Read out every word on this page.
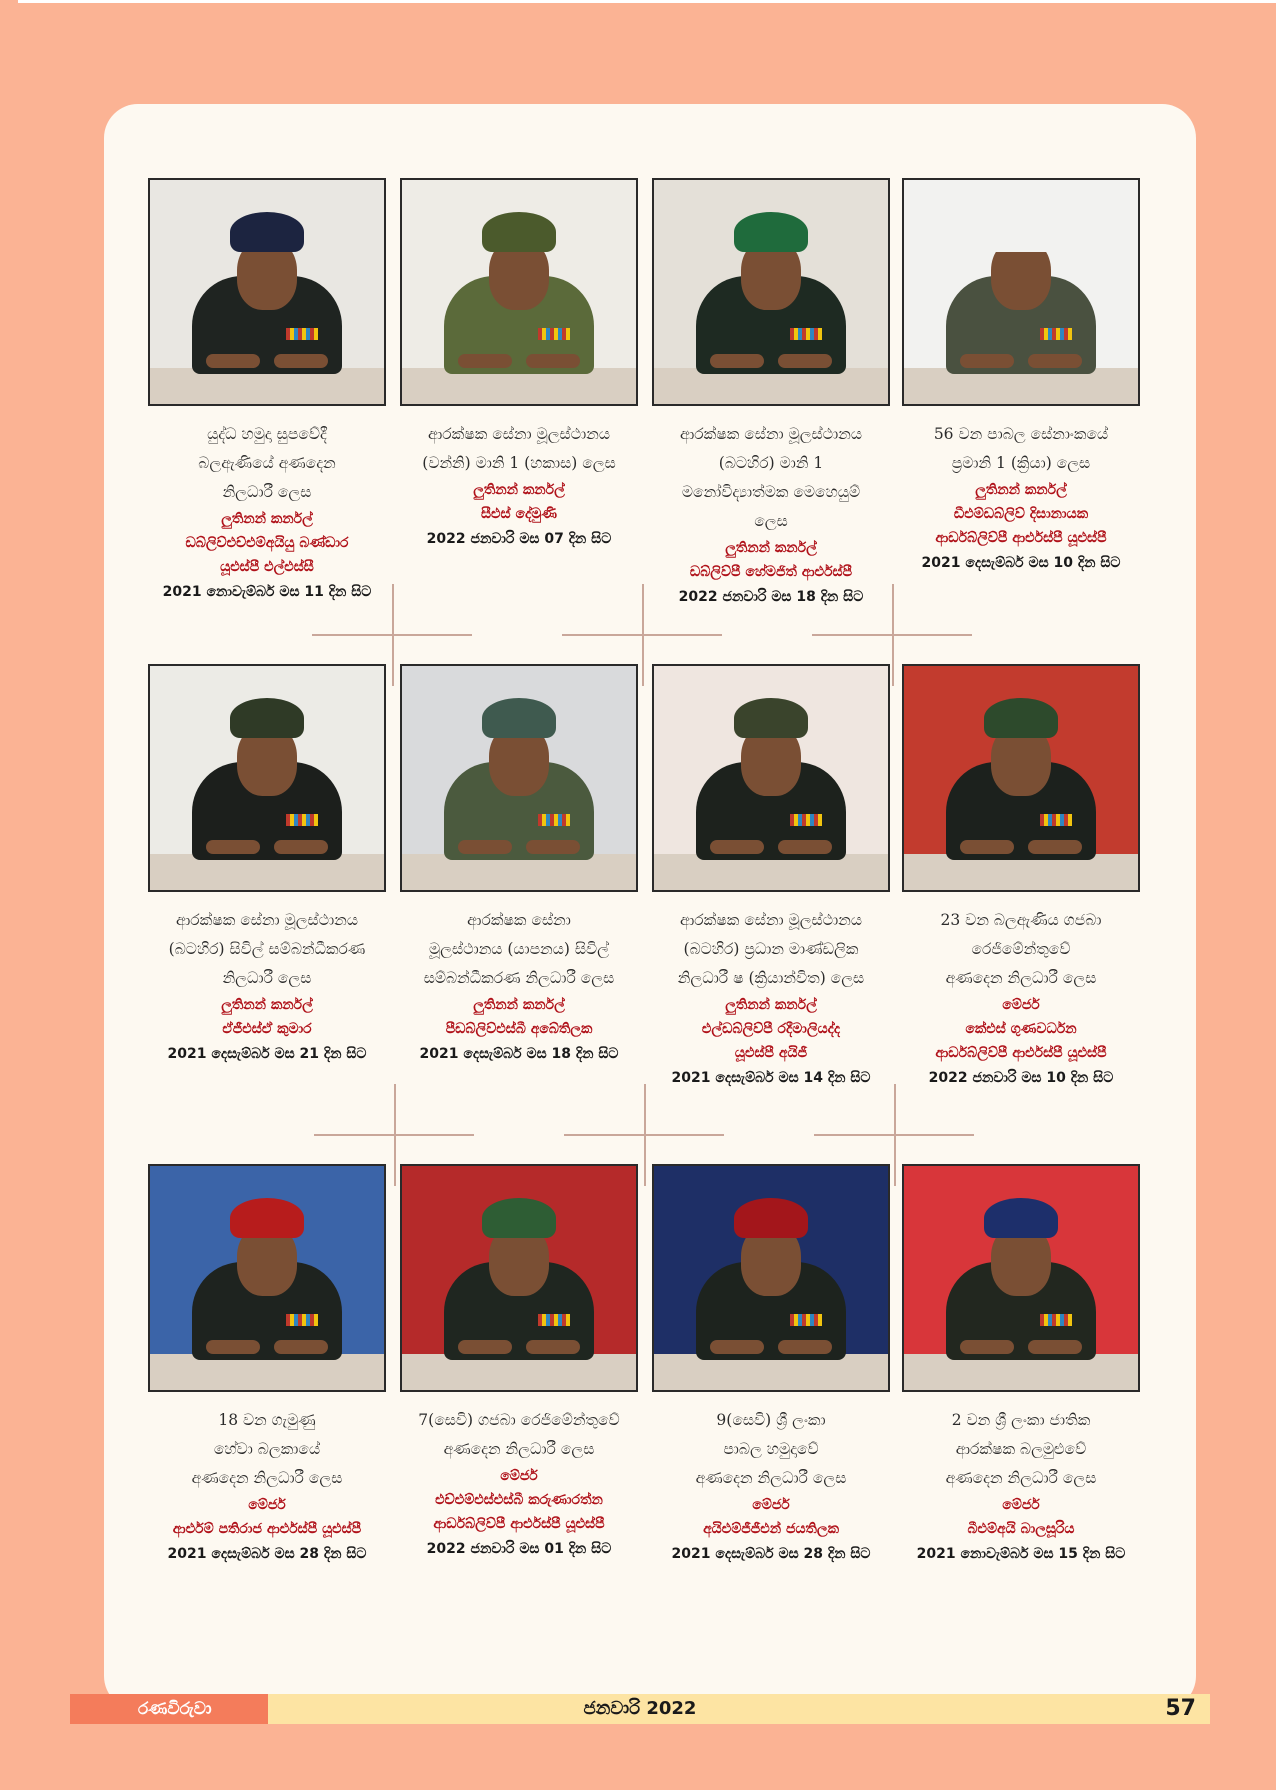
යුද්ධ හමුදා සුපවේදී
බලඇණියේ අණදෙන
නිලධාරී ලෙස
ලුතිනන් කර්නල්
ඩබ්ලිව්එච්එම්අයියු බණ්ඩාර
යූඑස්පී එල්එස්සී
2021 නොවැම්බර් මස 11 දින සිට
ආරක්ෂක සේනා මූලස්ථානය
(වන්නි) මානි 1 (හකාස) ලෙස
ලුතිනන් කර්නල්
සීඑස් දේමුණි
2022 ජනවාරි මස 07 දින සිට
ආරක්ෂක සේනා මූලස්ථානය
(බටහිර) මානි 1
මනෝවිද්‍යාත්මක මෙහෙයුම්
ලෙස
ලුතිනන් කර්නල්
ඩබ්ලිව්පී හේමජිත් ආර්එස්පී
2022 ජනවාරි මස 18 දින සිට
56 වන පාබල සේනාංකයේ
ප්‍රමානි 1 (ක්‍රියා) ලෙස
ලුතිනන් කර්නල්
ඩීඑම්ඩබ්ලිව් දිසානායක
ආර්ඩබ්ලිව්පී ආර්එස්පී යූඑස්පී
2021 දෙසැම්බර් මස 10 දින සිට
ආරක්ෂක සේනා මූලස්ථානය
(බටහිර) සිවිල් සම්බන්ධීකරණ
නිලධාරී ලෙස
ලුතිනන් කර්නල්
ඒජීඑස්ඒ කුමාර
2021 දෙසැම්බර් මස 21 දින සිට
ආරක්ෂක සේනා
මූලස්ථානය (යාපනය) සිවිල්
සම්බන්ධීකරණ නිලධාරී ලෙස
ලුතිනන් කර්නල්
පීඩබ්ලිව්එස්බී අබේතිලක
2021 දෙසැම්බර් මස 18 දින සිට
ආරක්ෂක සේනා මූලස්ථානය
(බටහිර) ප්‍රධාන මාණ්ඩලික
නිලධාරී ෂ (ක්‍රියාන්විත) ලෙස
ලුතිනන් කර්නල්
එල්ඩබ්ලිව්පී රදීමාලියද්ද
යූඑස්පී අයිජී
2021 දෙසැම්බර් මස 14 දින සිට
23 වන බලඇණිය ගජබා
රෙජිමේන්තුවේ
අණදෙන නිලධාරී ලෙස
මේජර්
කේඑස් ගුණවර්ධන
ආර්ඩබ්ලිව්පී ආර්එස්පී යූඑස්පී
2022 ජනවාරි මස 10 දින සිට
18 වන ගැමුණු
හේවා බලකායේ
අණදෙන නිලධාරී ලෙස
මේජර්
ආර්එම් පතිරාජ ආර්එස්පී යූඑස්පී
2021 දෙසැම්බර් මස 28 දින සිට
7(සෙවි) ගජබා රෙජිමේන්තුවේ
අණදෙන නිලධාරී ලෙස
මේජර්
එච්එම්එස්එස්බී කරුණාරත්න
ආර්ඩබ්ලිව්පී ආර්එස්පී යූඑස්පී
2022 ජනවාරි මස 01 දින සිට
9(සෙවි) ශ්‍රී ලංකා
පාබල හමුදාවේ
අණදෙන නිලධාරී ලෙස
මේජර්
අයිඑම්ජීජීඑන් ජයතිලක
2021 දෙසැම්බර් මස 28 දින සිට
2 වන ශ්‍රී ලංකා ජාතික
ආරක්ෂක බලමුළුවේ
අණදෙන නිලධාරී ලෙස
මේජර්
බීඑම්අයි බාලසූරිය
2021 නොවැම්බර් මස 15 දින සිට
රණවිරුවා	ජනවාරි 2022	57
